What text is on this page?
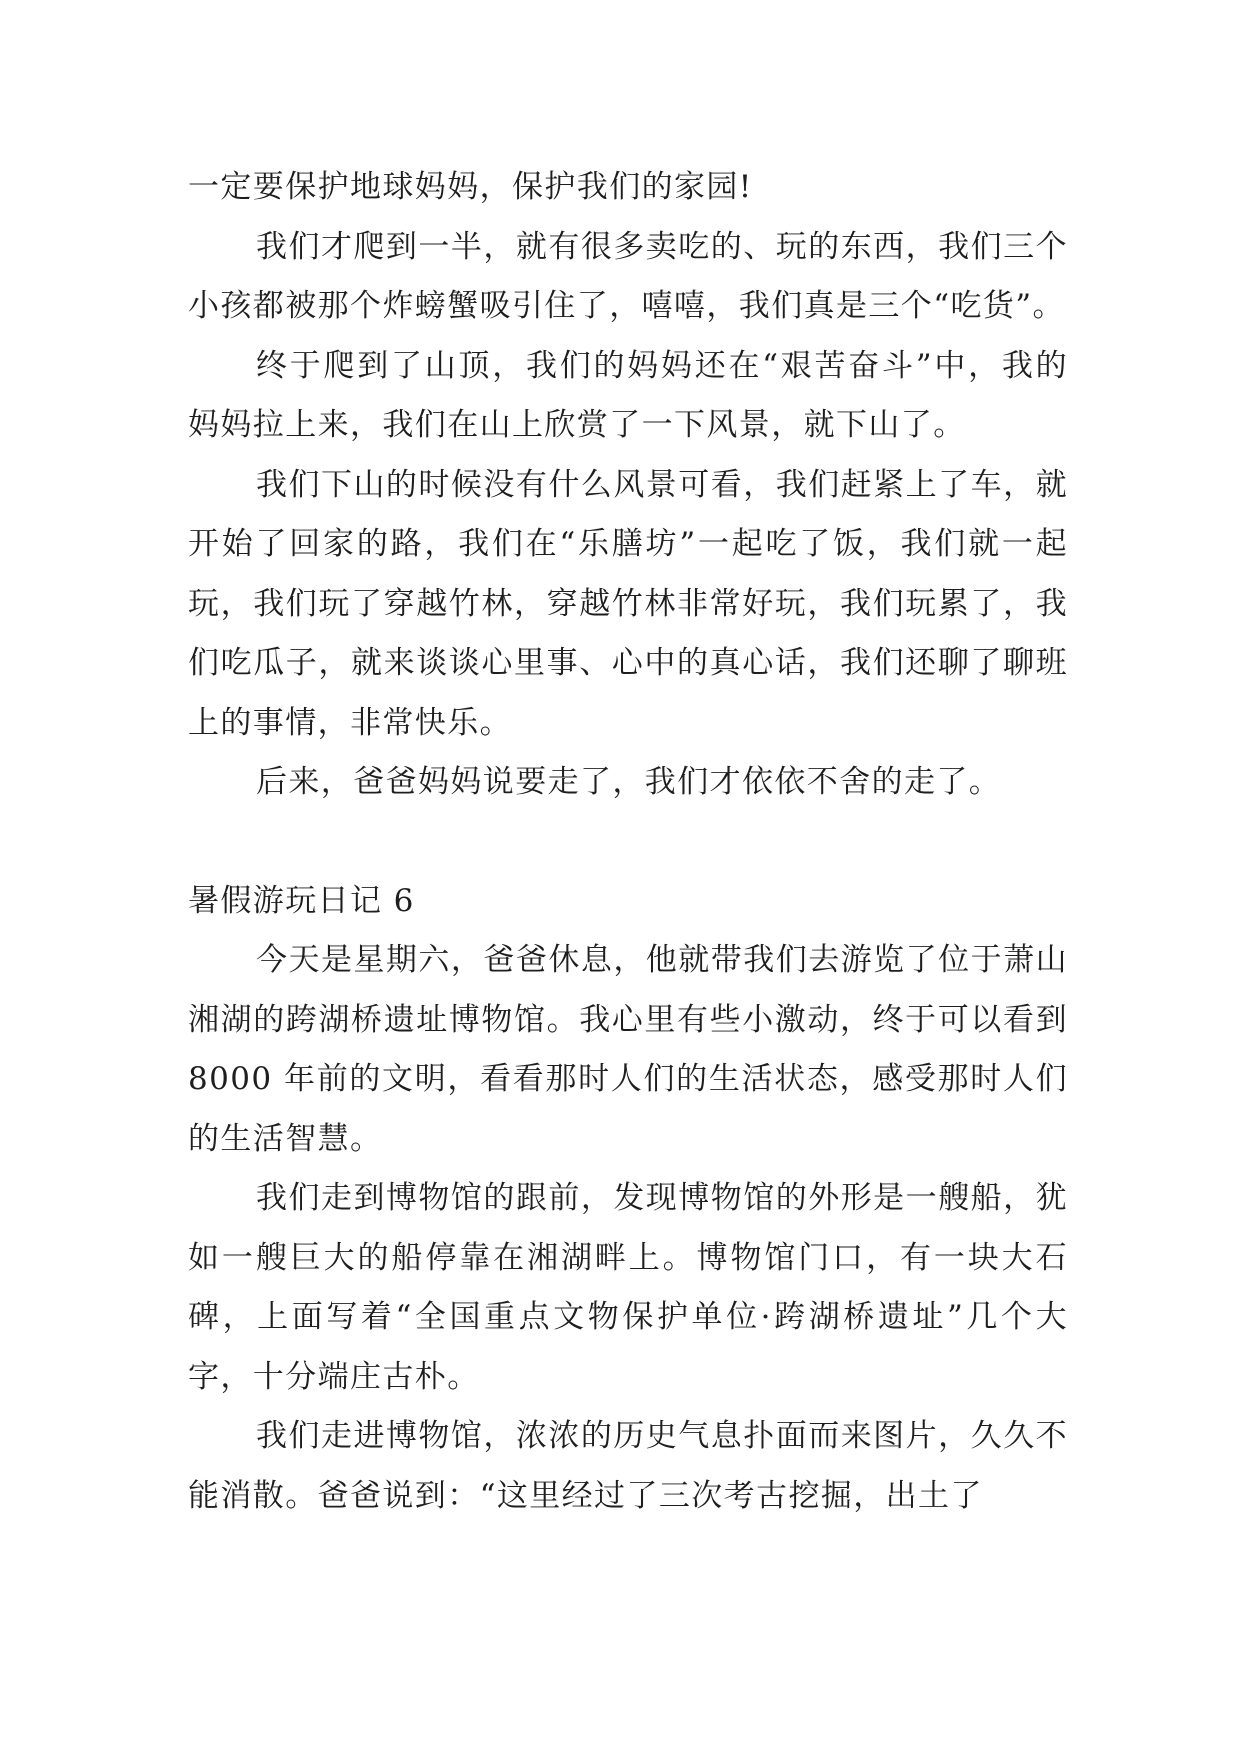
一定要保护地球妈妈，保护我们的家园!

我们才爬到一半，就有很多卖吃的、玩的东西，我们三个小孩都被那个炸螃蟹吸引住了，嘻嘻，我们真是三个“吃货”。

终于爬到了山顶，我们的妈妈还在“艰苦奋斗”中，我的妈妈拉上来，我们在山上欣赏了一下风景，就下山了。

我们下山的时候没有什么风景可看，我们赶紧上了车，就开始了回家的路，我们在“乐膳坊”一起吃了饭，我们就一起玩，我们玩了穿越竹林，穿越竹林非常好玩，我们玩累了，我们吃瓜子，就来谈谈心里事、心中的真心话，我们还聊了聊班上的事情，非常快乐。

后来，爸爸妈妈说要走了，我们才依依不舍的走了。

暑假游玩日记 6

今天是星期六，爸爸休息，他就带我们去游览了位于萧山湘湖的跨湖桥遗址博物馆。我心里有些小激动，终于可以看到 8000 年前的文明，看看那时人们的生活状态，感受那时人们的生活智慧。

我们走到博物馆的跟前，发现博物馆的外形是一艘船，犹如一艘巨大的船停靠在湘湖畔上。博物馆门口，有一块大石碑，上面写着“全国重点文物保护单位·跨湖桥遗址”几个大字，十分端庄古朴。

我们走进博物馆，浓浓的历史气息扑面而来图片，久久不能消散。爸爸说到：“这里经过了三次考古挖掘，出土了
